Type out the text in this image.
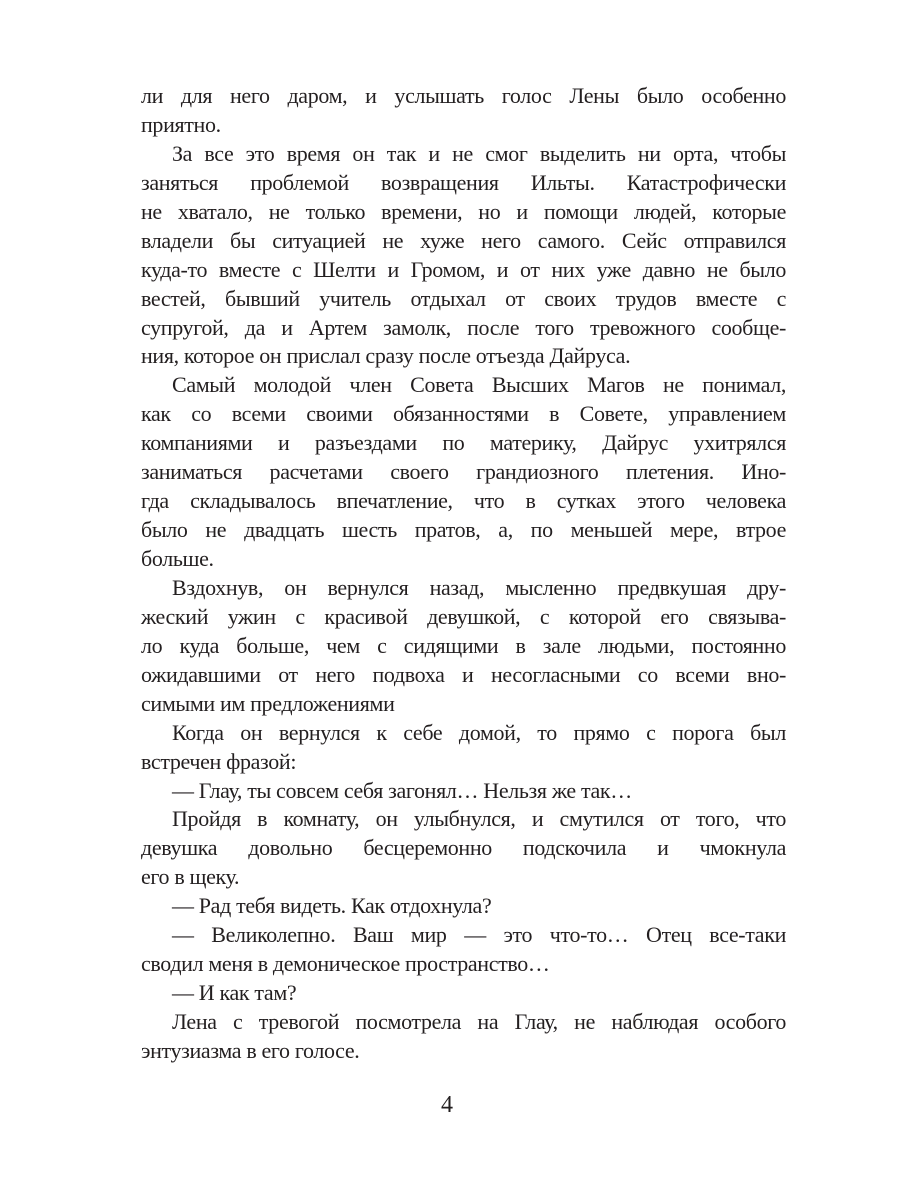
ли для него даром, и услышать голос Лены было особенно
приятно.
За все это время он так и не смог выделить ни орта, чтобы
заняться проблемой возвращения Ильты. Катастрофически
не хватало, не только времени, но и помощи людей, которые
владели бы ситуацией не хуже него самого. Сейс отправился
куда-то вместе с Шелти и Громом, и от них уже давно не было
вестей, бывший учитель отдыхал от своих трудов вместе с
супругой, да и Артем замолк, после того тревожного сообще-
ния, которое он прислал сразу после отъезда Дайруса.
Самый молодой член Совета Высших Магов не понимал,
как со всеми своими обязанностями в Совете, управлением
компаниями и разъездами по материку, Дайрус ухитрялся
заниматься расчетами своего грандиозного плетения. Ино-
гда складывалось впечатление, что в сутках этого человека
было не двадцать шесть пратов, а, по меньшей мере, втрое
больше.
Вздохнув, он вернулся назад, мысленно предвкушая дру-
жеский ужин с красивой девушкой, с которой его связыва-
ло куда больше, чем с сидящими в зале людьми, постоянно
ожидавшими от него подвоха и несогласными со всеми вно-
симыми им предложениями
Когда он вернулся к себе домой, то прямо с порога был
встречен фразой:
— Глау, ты совсем себя загонял… Нельзя же так…
Пройдя в комнату, он улыбнулся, и смутился от того, что
девушка довольно бесцеремонно подскочила и чмокнула
его в щеку.
— Рад тебя видеть. Как отдохнула?
— Великолепно. Ваш мир — это что-то… Отец все-таки
сводил меня в демоническое пространство…
— И как там?
Лена с тревогой посмотрела на Глау, не наблюдая особого
энтузиазма в его голосе.
4
